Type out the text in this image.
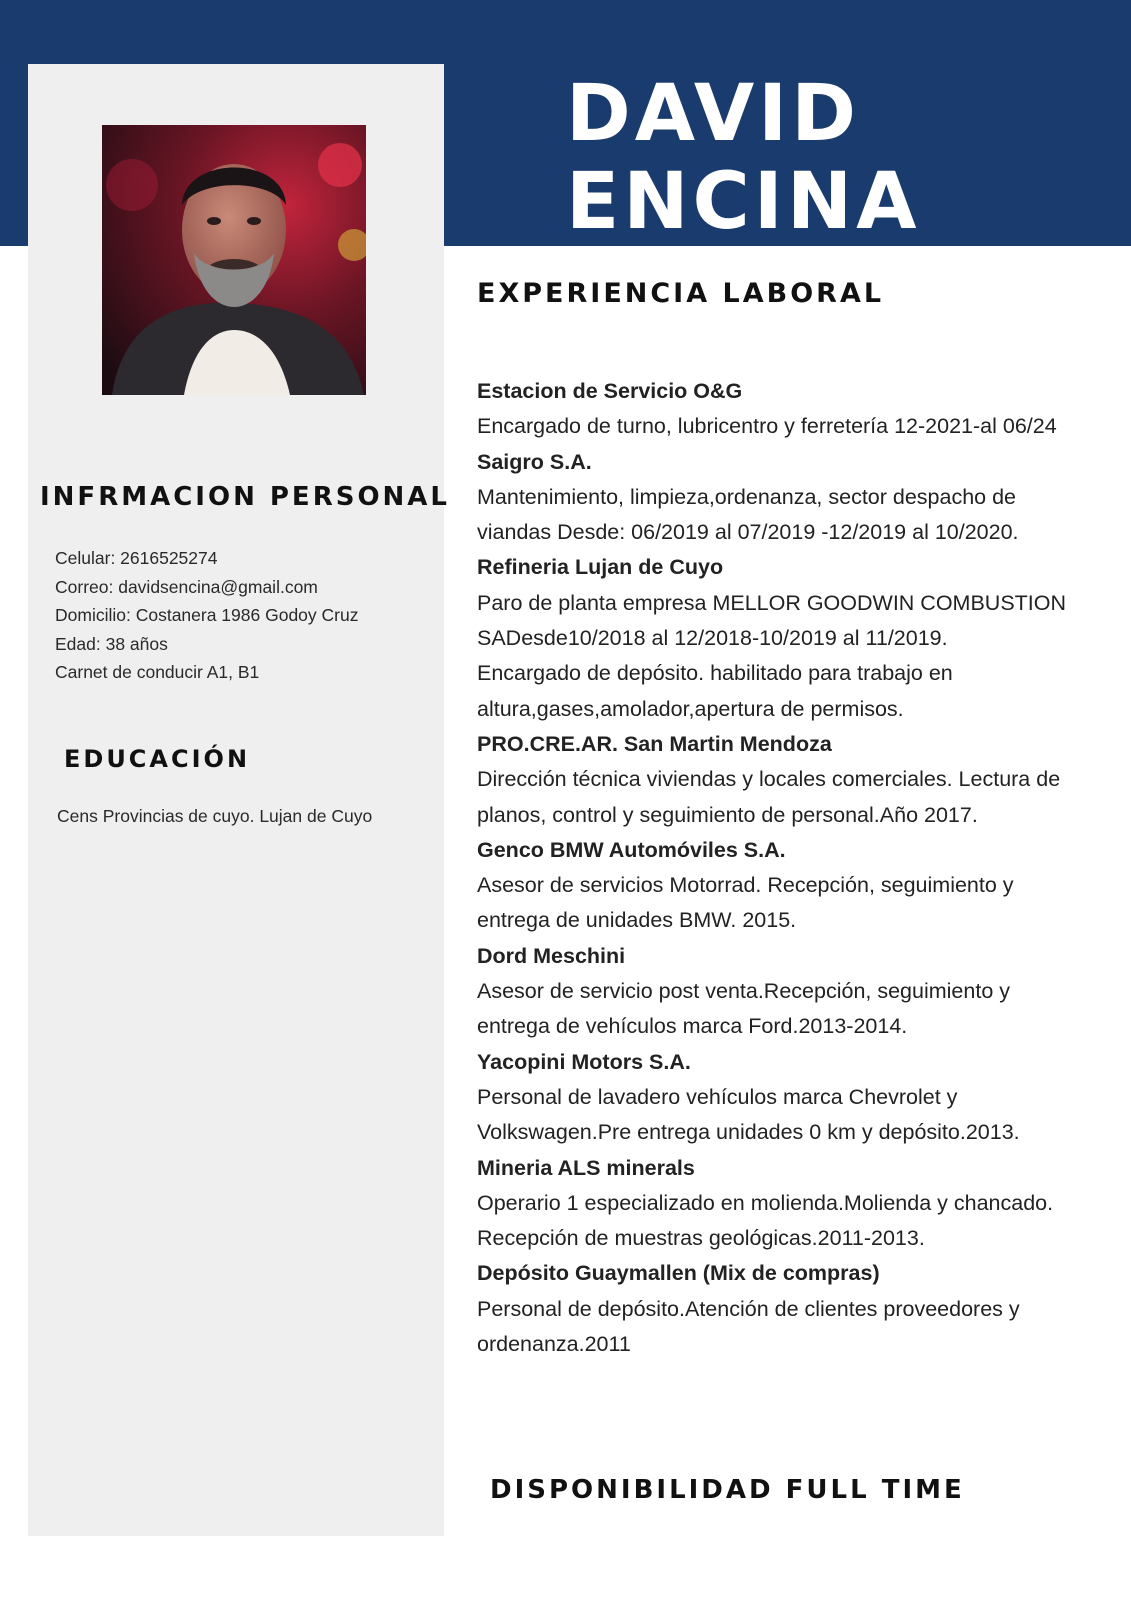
DAVID
ENCINA
INFRMACION PERSONAL
Celular: 2616525274
Correo: davidsencina@gmail.com
Domicilio: Costanera 1986 Godoy Cruz
Edad: 38 años
Carnet de conducir A1, B1
EDUCACIÓN

Cens Provincias de cuyo. Lujan de Cuyo

EXPERIENCIA LABORAL
Estacion de Servicio O&G
Encargado de turno, lubricentro y ferretería 12-2021-al 06/24
Saigro S.A.
Mantenimiento, limpieza,ordenanza, sector despacho de
viandas Desde: 06/2019 al 07/2019 -12/2019 al 10/2020.
Refineria Lujan de Cuyo
Paro de planta empresa MELLOR GOODWIN COMBUSTION
SADesde10/2018 al 12/2018-10/2019 al 11/2019.
Encargado de depósito. habilitado para trabajo en
altura,gases,amolador,apertura de permisos.
PRO.CRE.AR. San Martin Mendoza
Dirección técnica viviendas y locales comerciales. Lectura de
planos, control y seguimiento de personal.Año 2017.
Genco BMW Automóviles S.A.
Asesor de servicios Motorrad. Recepción, seguimiento y
entrega de unidades BMW. 2015.
Dord Meschini
Asesor de servicio post venta.Recepción, seguimiento y
entrega de vehículos marca Ford.2013-2014.
Yacopini Motors S.A.
Personal de lavadero vehículos marca Chevrolet y
Volkswagen.Pre entrega unidades 0 km y depósito.2013.
Mineria ALS minerals
Operario 1 especializado en molienda.Molienda y chancado.
Recepción de muestras geológicas.2011-2013.
Depósito Guaymallen (Mix de compras)
Personal de depósito.Atención de clientes proveedores y
ordenanza.2011
DISPONIBILIDAD FULL TIME
